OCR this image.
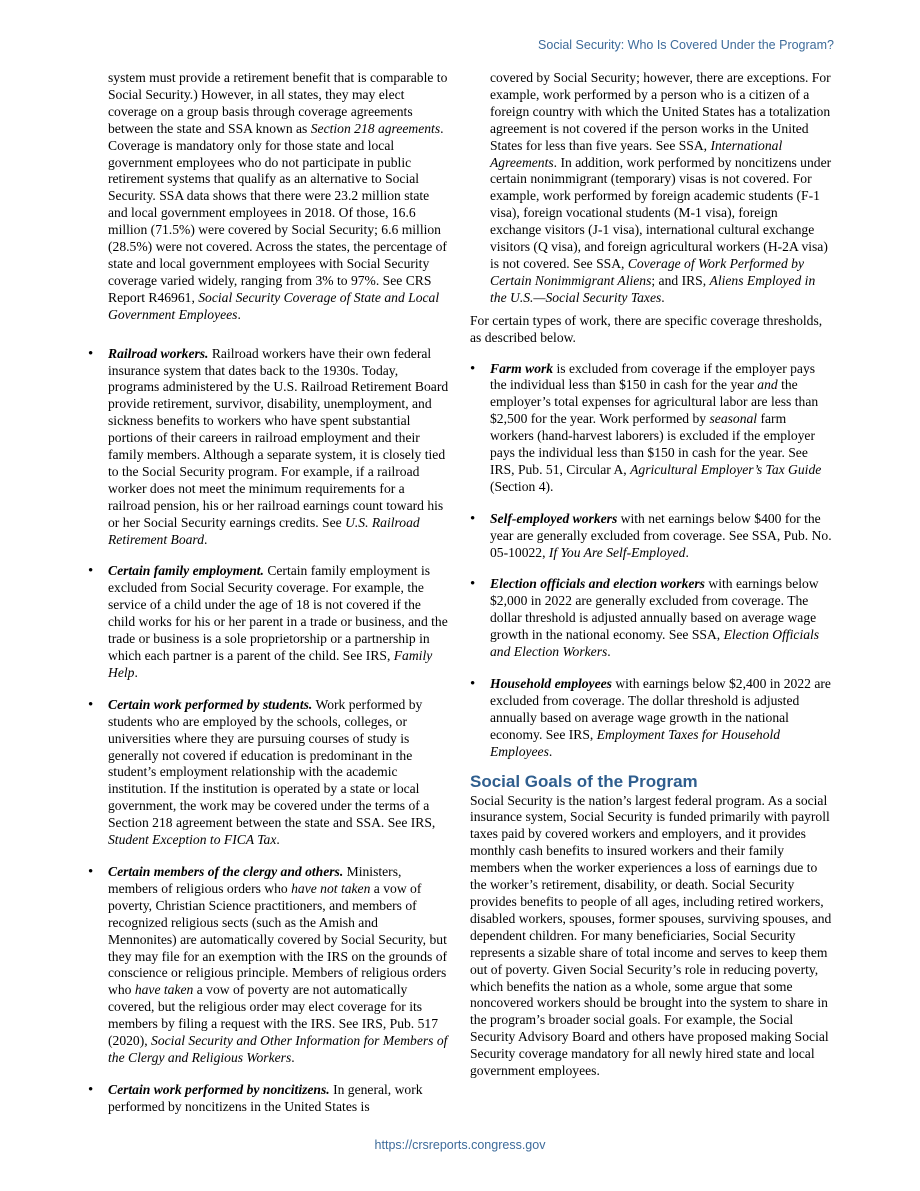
Social Security: Who Is Covered Under the Program?

system must provide a retirement benefit that is comparable to Social Security.) However, in all states, they may elect coverage on a group basis through coverage agreements between the state and SSA known as Section 218 agreements. Coverage is mandatory only for those state and local government employees who do not participate in public retirement systems that qualify as an alternative to Social Security. SSA data shows that there were 23.2 million state and local government employees in 2018. Of those, 16.6 million (71.5%) were covered by Social Security; 6.6 million (28.5%) were not covered. Across the states, the percentage of state and local government employees with Social Security coverage varied widely, ranging from 3% to 97%. See CRS Report R46961, Social Security Coverage of State and Local Government Employees.

•	Railroad workers. Railroad workers have their own federal insurance system that dates back to the 1930s. Today, programs administered by the U.S. Railroad Retirement Board provide retirement, survivor, disability, unemployment, and sickness benefits to workers who have spent substantial portions of their careers in railroad employment and their family members. Although a separate system, it is closely tied to the Social Security program. For example, if a railroad worker does not meet the minimum requirements for a railroad pension, his or her railroad earnings count toward his or her Social Security earnings credits. See U.S. Railroad Retirement Board.
•	Certain family employment. Certain family employment is excluded from Social Security coverage. For example, the service of a child under the age of 18 is not covered if the child works for his or her parent in a trade or business, and the trade or business is a sole proprietorship or a partnership in which each partner is a parent of the child. See IRS, Family Help.
•	Certain work performed by students. Work performed by students who are employed by the schools, colleges, or universities where they are pursuing courses of study is generally not covered if education is predominant in the student’s employment relationship with the academic institution. If the institution is operated by a state or local government, the work may be covered under the terms of a Section 218 agreement between the state and SSA. See IRS, Student Exception to FICA Tax.
•	Certain members of the clergy and others. Ministers, members of religious orders who have not taken a vow of poverty, Christian Science practitioners, and members of recognized religious sects (such as the Amish and Mennonites) are automatically covered by Social Security, but they may file for an exemption with the IRS on the grounds of conscience or religious principle. Members of religious orders who have taken a vow of poverty are not automatically covered, but the religious order may elect coverage for its members by filing a request with the IRS. See IRS, Pub. 517 (2020), Social Security and Other Information for Members of the Clergy and Religious Workers.
•	Certain work performed by noncitizens. In general, work performed by noncitizens in the United States is

covered by Social Security; however, there are exceptions. For example, work performed by a person who is a citizen of a foreign country with which the United States has a totalization agreement is not covered if the person works in the United States for less than five years. See SSA, International Agreements. In addition, work performed by noncitizens under certain nonimmigrant (temporary) visas is not covered. For example, work performed by foreign academic students (F-1 visa), foreign vocational students (M-1 visa), foreign exchange visitors (J-1 visa), international cultural exchange visitors (Q visa), and foreign agricultural workers (H-2A visa) is not covered. See SSA, Coverage of Work Performed by Certain Nonimmigrant Aliens; and IRS, Aliens Employed in the U.S.—Social Security Taxes.

For certain types of work, there are specific coverage thresholds, as described below.

•	Farm work is excluded from coverage if the employer pays the individual less than $150 in cash for the year and the employer’s total expenses for agricultural labor are less than $2,500 for the year. Work performed by seasonal farm workers (hand-harvest laborers) is excluded if the employer pays the individual less than $150 in cash for the year. See IRS, Pub. 51, Circular A, Agricultural Employer’s Tax Guide (Section 4).
•	Self-employed workers with net earnings below $400 for the year are generally excluded from coverage. See SSA, Pub. No. 05-10022, If You Are Self-Employed.
•	Election officials and election workers with earnings below $2,000 in 2022 are generally excluded from coverage. The dollar threshold is adjusted annually based on average wage growth in the national economy. See SSA, Election Officials and Election Workers.
•	Household employees with earnings below $2,400 in 2022 are excluded from coverage. The dollar threshold is adjusted annually based on average wage growth in the national economy. See IRS, Employment Taxes for Household Employees.
Social Goals of the Program

Social Security is the nation’s largest federal program. As a social insurance system, Social Security is funded primarily with payroll taxes paid by covered workers and employers, and it provides monthly cash benefits to insured workers and their family members when the worker experiences a loss of earnings due to the worker’s retirement, disability, or death. Social Security provides benefits to people of all ages, including retired workers, disabled workers, spouses, former spouses, surviving spouses, and dependent children. For many beneficiaries, Social Security represents a sizable share of total income and serves to keep them out of poverty. Given Social Security’s role in reducing poverty, which benefits the nation as a whole, some argue that some noncovered workers should be brought into the system to share in the program’s broader social goals. For example, the Social Security Advisory Board and others have proposed making Social Security coverage mandatory for all newly hired state and local government employees.

https://crsreports.congress.gov
